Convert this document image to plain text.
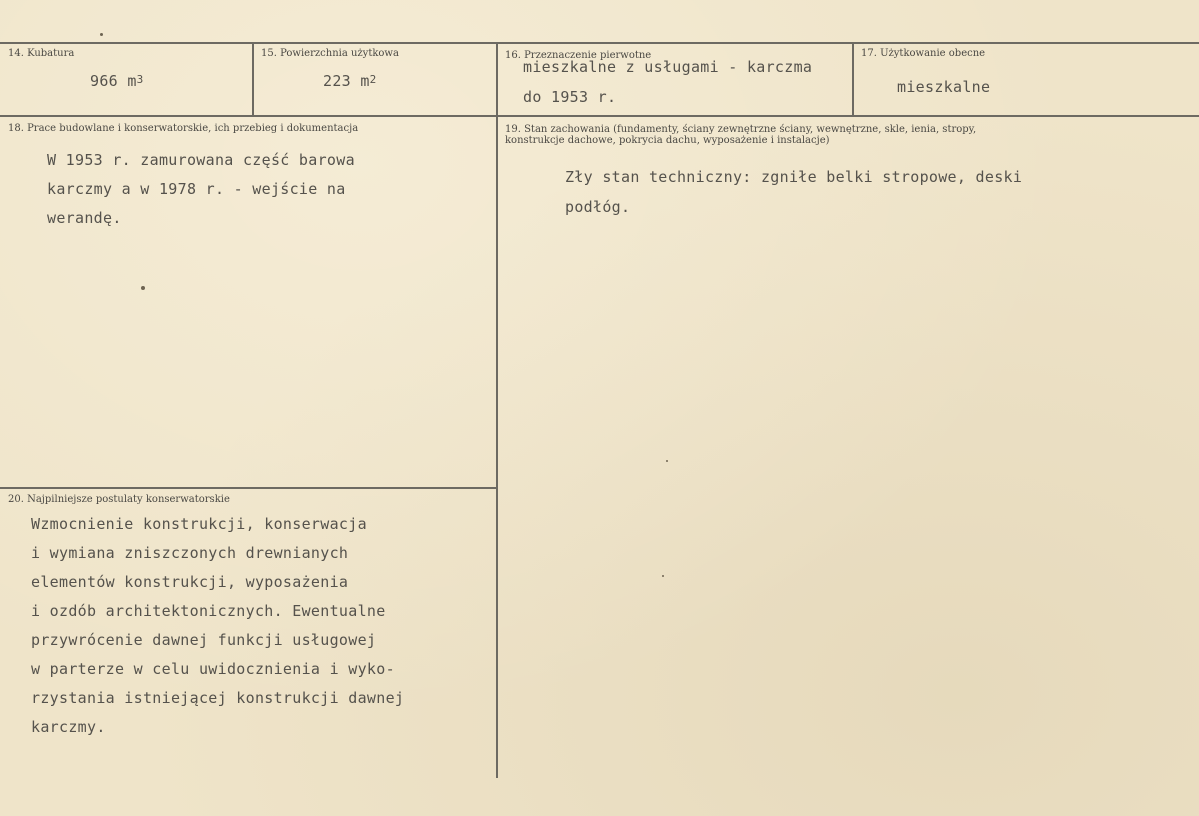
14. Kubatura
966 $m^3$
15. Powierzchnia użytkowa
223 $m^2$
16. Przeznaczenie pierwotne
mieszkalne z usługami - karczma
do 1953 r.
17. Użytkowanie obecne
mieszkalne
18. Prace budowlane i konserwatorskie, ich przebieg i dokumentacja
W 1953 r. zamurowana część barowa
karczmy a w 1978 r. - wejście na
werandę.
19. Stan zachowania (fundamenty, ściany zewnętrzne ściany, wewnętrzne, skle, ienia, stropy,
konstrukcje dachowe, pokrycia dachu, wyposażenie i instalacje)
Zły stan techniczny: zgniłe belki stropowe, deski
podłóg.
20. Najpilniejsze postulaty konserwatorskie
Wzmocnienie konstrukcji, konserwacja
i wymiana zniszczonych drewnianych
elementów konstrukcji, wyposażenia
i ozdób architektonicznych. Ewentualne
przywrócenie dawnej funkcji usługowej
w parterze w celu uwidocznienia i wyko-
rzystania istniejącej konstrukcji dawnej
karczmy.
